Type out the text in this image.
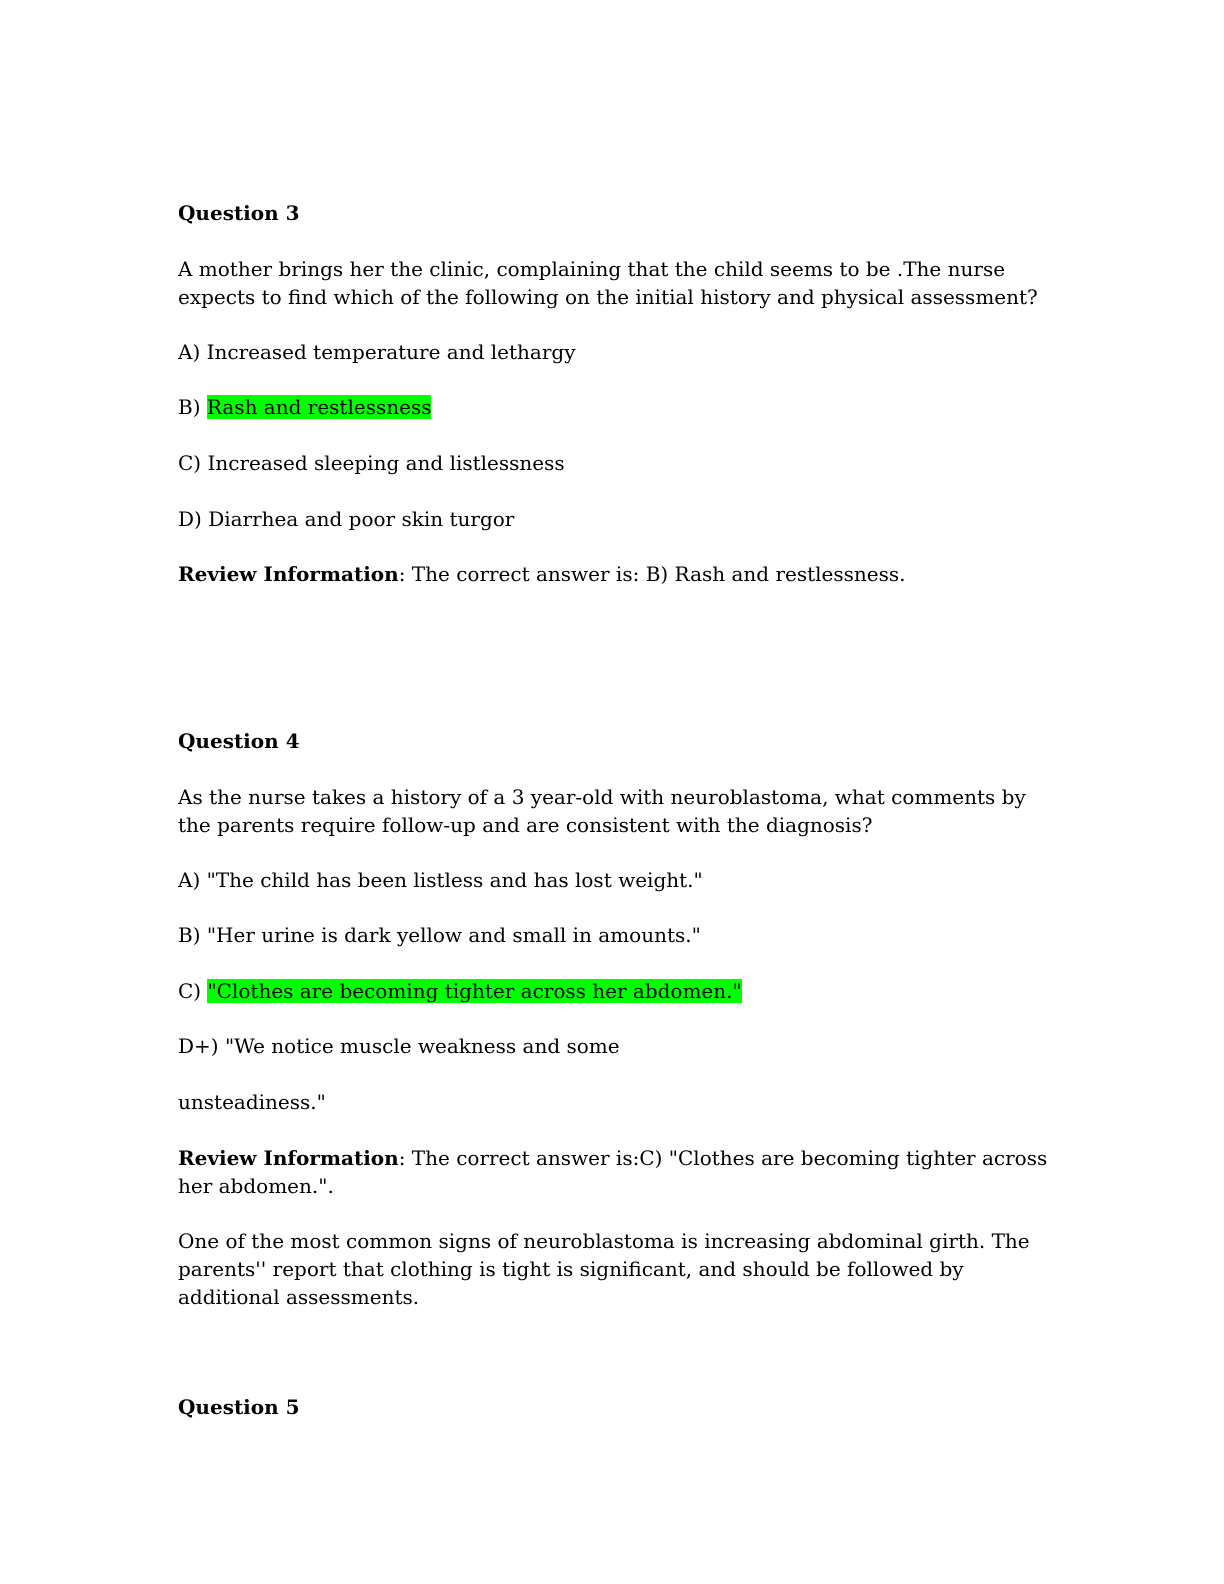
Question 3

A mother brings her the clinic, complaining that the child seems to be .The nurse

expects to find which of the following on the initial history and physical assessment?

A) Increased temperature and lethargy

B) Rash and restlessness

C) Increased sleeping and listlessness

D) Diarrhea and poor skin turgor

Review Information: The correct answer is: B) Rash and restlessness.

Question 4

As the nurse takes a history of a 3 year-old with neuroblastoma, what comments by

the parents require follow-up and are consistent with the diagnosis?

A) "The child has been listless and has lost weight."

B) "Her urine is dark yellow and small in amounts."

C) "Clothes are becoming tighter across her abdomen."

D+) "We notice muscle weakness and some

unsteadiness."

Review Information: The correct answer is:C) "Clothes are becoming tighter across

her abdomen.".

One of the most common signs of neuroblastoma is increasing abdominal girth. The

parents'' report that clothing is tight is significant, and should be followed by

additional assessments.

Question 5
